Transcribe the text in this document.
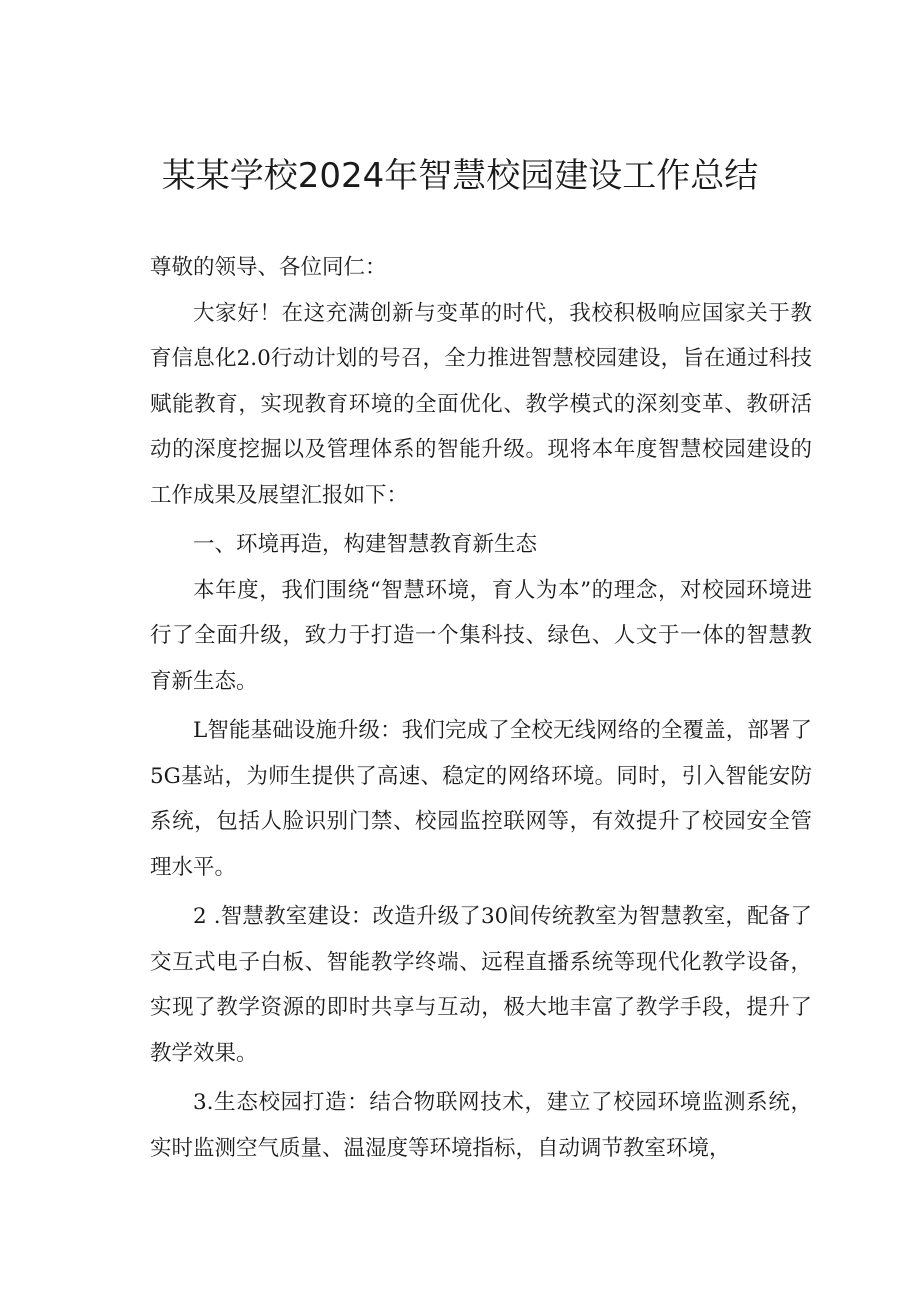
某某学校2024年智慧校园建设工作总结

尊敬的领导、各位同仁：

大家好！在这充满创新与变革的时代，我校积极响应国家关于教育信息化2.0行动计划的号召，全力推进智慧校园建设，旨在通过科技赋能教育，实现教育环境的全面优化、教学模式的深刻变革、教研活动的深度挖掘以及管理体系的智能升级。现将本年度智慧校园建设的工作成果及展望汇报如下：

一、环境再造，构建智慧教育新生态

本年度，我们围绕“智慧环境，育人为本”的理念，对校园环境进行了全面升级，致力于打造一个集科技、绿色、人文于一体的智慧教育新生态。

L智能基础设施升级：我们完成了全校无线网络的全覆盖，部署了5G基站，为师生提供了高速、稳定的网络环境。同时，引入智能安防系统，包括人脸识别门禁、校园监控联网等，有效提升了校园安全管理水平。

2 .智慧教室建设：改造升级了30间传统教室为智慧教室，配备了交互式电子白板、智能教学终端、远程直播系统等现代化教学设备，实现了教学资源的即时共享与互动，极大地丰富了教学手段，提升了教学效果。

3.生态校园打造：结合物联网技术，建立了校园环境监测系统，实时监测空气质量、温湿度等环境指标，自动调节教室环境，
